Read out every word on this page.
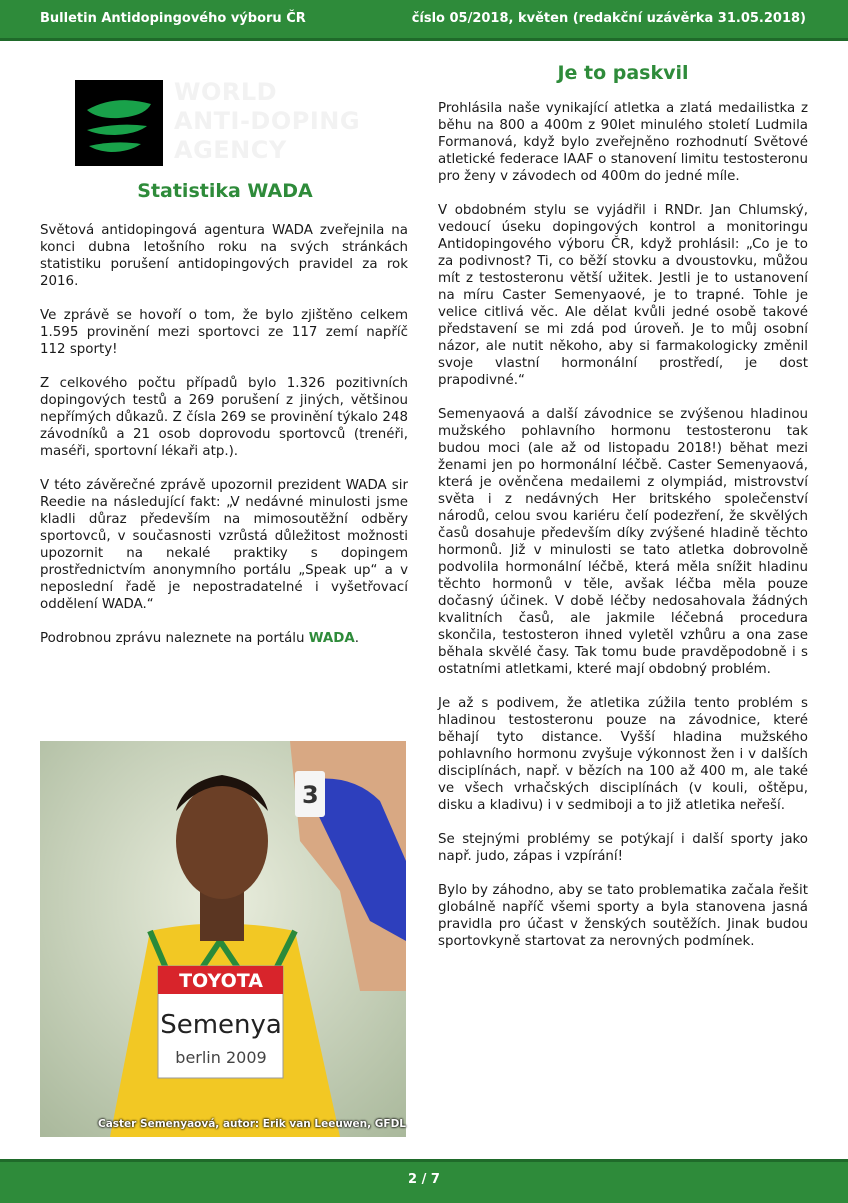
Bulletin Antidopingového výboru ČR	číslo 05/2018, květen (redakční uzávěrka 31.05.2018)
WORLD
ANTI-DOPING
AGENCY
Statistika WADA

Světová antidopingová agentura WADA zveřejnila na konci dubna letošního roku na svých stránkách statistiku porušení antidopingových pravidel za rok 2016.

Ve zprávě se hovoří o tom, že bylo zjištěno celkem 1.595 provinění mezi sportovci ze 117 zemí napříč 112 sporty!

Z celkového počtu případů bylo 1.326 pozitivních dopingových testů a 269 porušení z jiných, většinou nepřímých důkazů. Z čísla 269 se provinění týkalo 248 závodníků a 21 osob doprovodu sportovců (trenéři, maséři, sportovní lékaři atp.).

V této závěrečné zprávě upozornil prezident WADA sir Reedie na následující fakt: „V nedávné minulosti jsme kladli důraz především na mimosoutěžní odběry sportovců, v současnosti vzrůstá důležitost možnosti upozornit na nekalé praktiky s dopingem prostřednictvím anonymního portálu „Speak up“ a v neposlední řadě je nepostradatelné i vyšetřovací oddělení WADA.“

Podrobnou zprávu naleznete na portálu WADA.

3
TOYOTA
Semenya
berlin 2009
Caster Semenyaová, autor: Erik van Leeuwen, GFDL
Je to paskvil

Prohlásila naše vynikající atletka a zlatá medailistka z běhu na 800 a 400m z 90let minulého století Ludmila Formanová, když bylo zveřejněno rozhodnutí Světové atletické federace IAAF o stanovení limitu testosteronu pro ženy v závodech od 400m do jedné míle.

V obdobném stylu se vyjádřil i RNDr. Jan Chlumský, vedoucí úseku dopingových kontrol a monitoringu Antidopingového výboru ČR, když prohlásil: „Co je to za podivnost? Ti, co běží stovku a dvoustovku, můžou mít z testosteronu větší užitek. Jestli je to ustanovení na míru Caster Semenyaové, je to trapné. Tohle je velice citlivá věc. Ale dělat kvůli jedné osobě takové představení se mi zdá pod úroveň. Je to můj osobní názor, ale nutit někoho, aby si farmakologicky změnil svoje vlastní hormonální prostředí, je dost prapodivné.“

Semenyaová a další závodnice se zvýšenou hladinou mužského pohlavního hormonu testosteronu tak budou moci (ale až od listopadu 2018!) běhat mezi ženami jen po hormonální léčbě. Caster Semenyaová, která je ověnčena medailemi z olympiád, mistrovství světa i z nedávných Her britského společenství národů, celou svou kariéru čelí podezření, že skvělých časů dosahuje především díky zvýšené hladině těchto hormonů. Již v minulosti se tato atletka dobrovolně podvolila hormonální léčbě, která měla snížit hladinu těchto hormonů v těle, avšak léčba měla pouze dočasný účinek. V době léčby nedosahovala žádných kvalitních časů, ale jakmile léčebná procedura skončila, testosteron ihned vyletěl vzhůru a ona zase běhala skvělé časy. Tak tomu bude pravděpodobně i s ostatními atletkami, které mají obdobný problém.

Je až s podivem, že atletika zúžila tento problém s hladinou testosteronu pouze na závodnice, které běhají tyto distance. Vyšší hladina mužského pohlavního hormonu zvyšuje výkonnost žen i v dalších disciplínách, např. v bězích na 100 až 400 m, ale také ve všech vrhačských disciplínách (v kouli, oštěpu, disku a kladivu) i v sedmiboji a to již atletika neřeší.

Se stejnými problémy se potýkají i další sporty jako např. judo, zápas i vzpírání!

Bylo by záhodno, aby se tato problematika začala řešit globálně napříč všemi sporty a byla stanovena jasná pravidla pro účast v ženských soutěžích. Jinak budou sportovkyně startovat za nerovných podmínek.

2 / 7
